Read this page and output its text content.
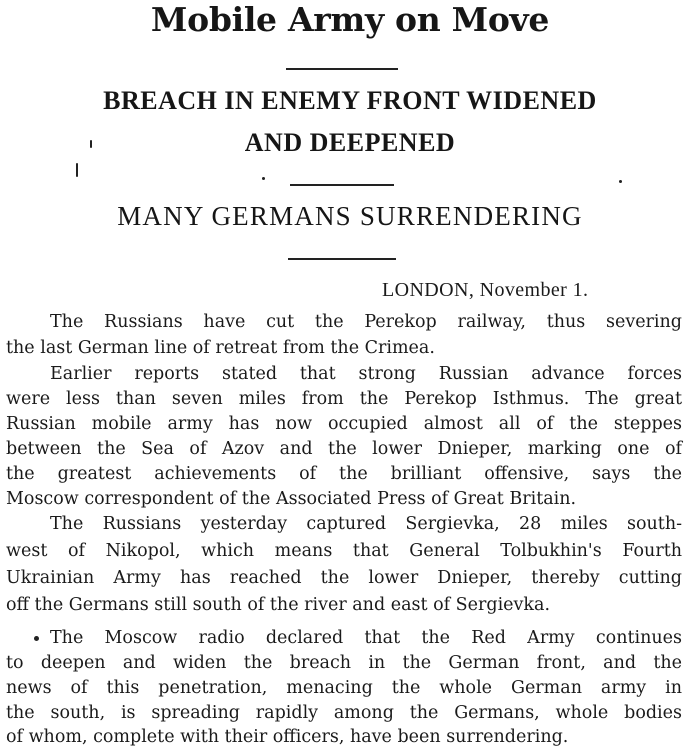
Mobile Army on Move
BREACH IN ENEMY FRONT WIDENED
AND DEEPENED
MANY GERMANS SURRENDERING
LONDON, November 1.
The Russians have cut the Perekop railway, thus severing
the last German line of retreat from the Crimea.
Earlier reports stated that strong Russian advance forces
were less than seven miles from the Perekop Isthmus. The great
Russian mobile army has now occupied almost all of the steppes
between the Sea of Azov and the lower Dnieper, marking one of
the greatest achievements of the brilliant offensive, says the
Moscow correspondent of the Associated Press of Great Britain.
The Russians yesterday captured Sergievka, 28 miles south-
west of Nikopol, which means that General Tolbukhin's Fourth
Ukrainian Army has reached the lower Dnieper, thereby cutting
off the Germans still south of the river and east of Sergievka.
The Moscow radio declared that the Red Army continues
to deepen and widen the breach in the German front, and the
news of this penetration, menacing the whole German army in
the south, is spreading rapidly among the Germans, whole bodies
of whom, complete with their officers, have been surrendering.
